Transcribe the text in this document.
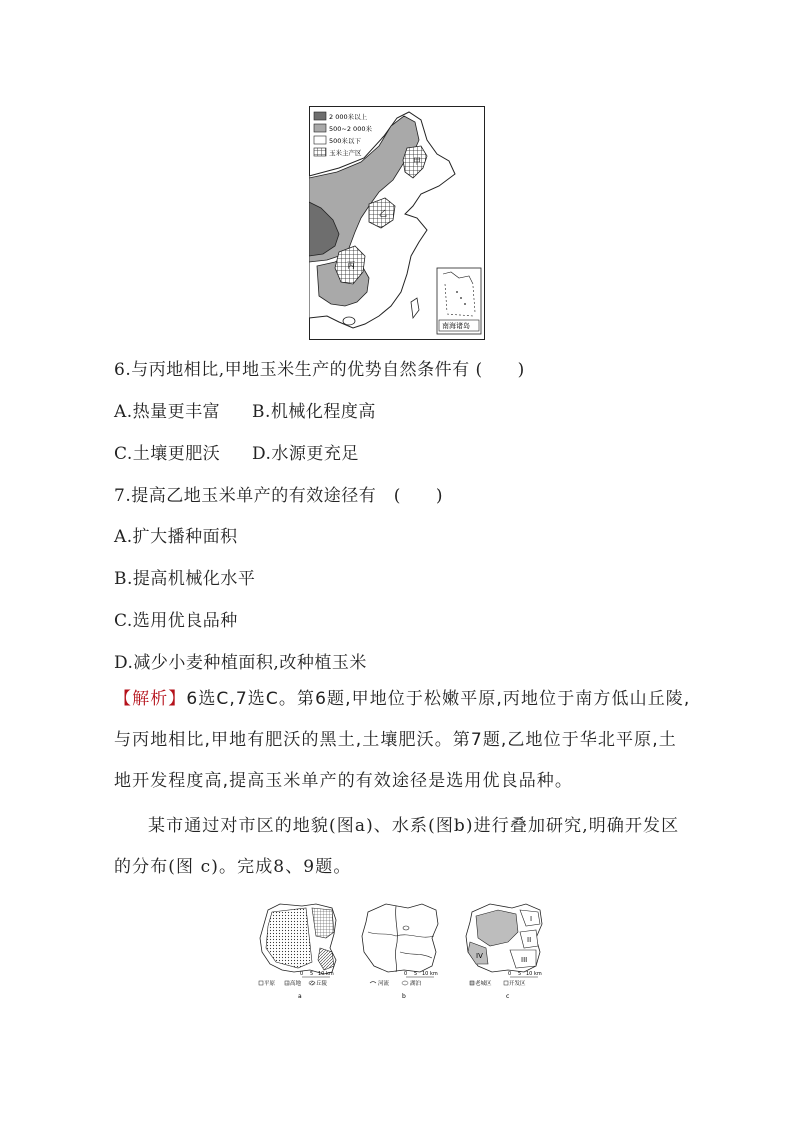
甲
乙
丙
2 000米以上
500~2 000米
500米以下
玉米主产区
南海诸岛
6.与丙地相比,甲地玉米生产的优势自然条件有 (　　)
A.热量更丰富 B.机械化程度高
C.土壤更肥沃 D.水源更充足
7.提高乙地玉米单产的有效途径有　(　　)
A.扩大播种面积
B.提高机械化水平
C.选用优良品种
D.减少小麦种植面积,改种植玉米
【解析】6选C,7选C。第6题,甲地位于松嫩平原,丙地位于南方低山丘陵,与丙地相比,甲地有肥沃的黑土,土壤肥沃。第7题,乙地位于华北平原,土地开发程度高,提高玉米单产的有效途径是选用优良品种。
某市通过对市区的地貌(图a)、水系(图b)进行叠加研究,明确开发区的分布(图 c)。完成8、9题。
0 5 10 km
平原	高地	丘陵
a
0 5 10 km
河流	湖泊
b
I
II
III
IV
0 5 10 km
老城区	开发区
c
